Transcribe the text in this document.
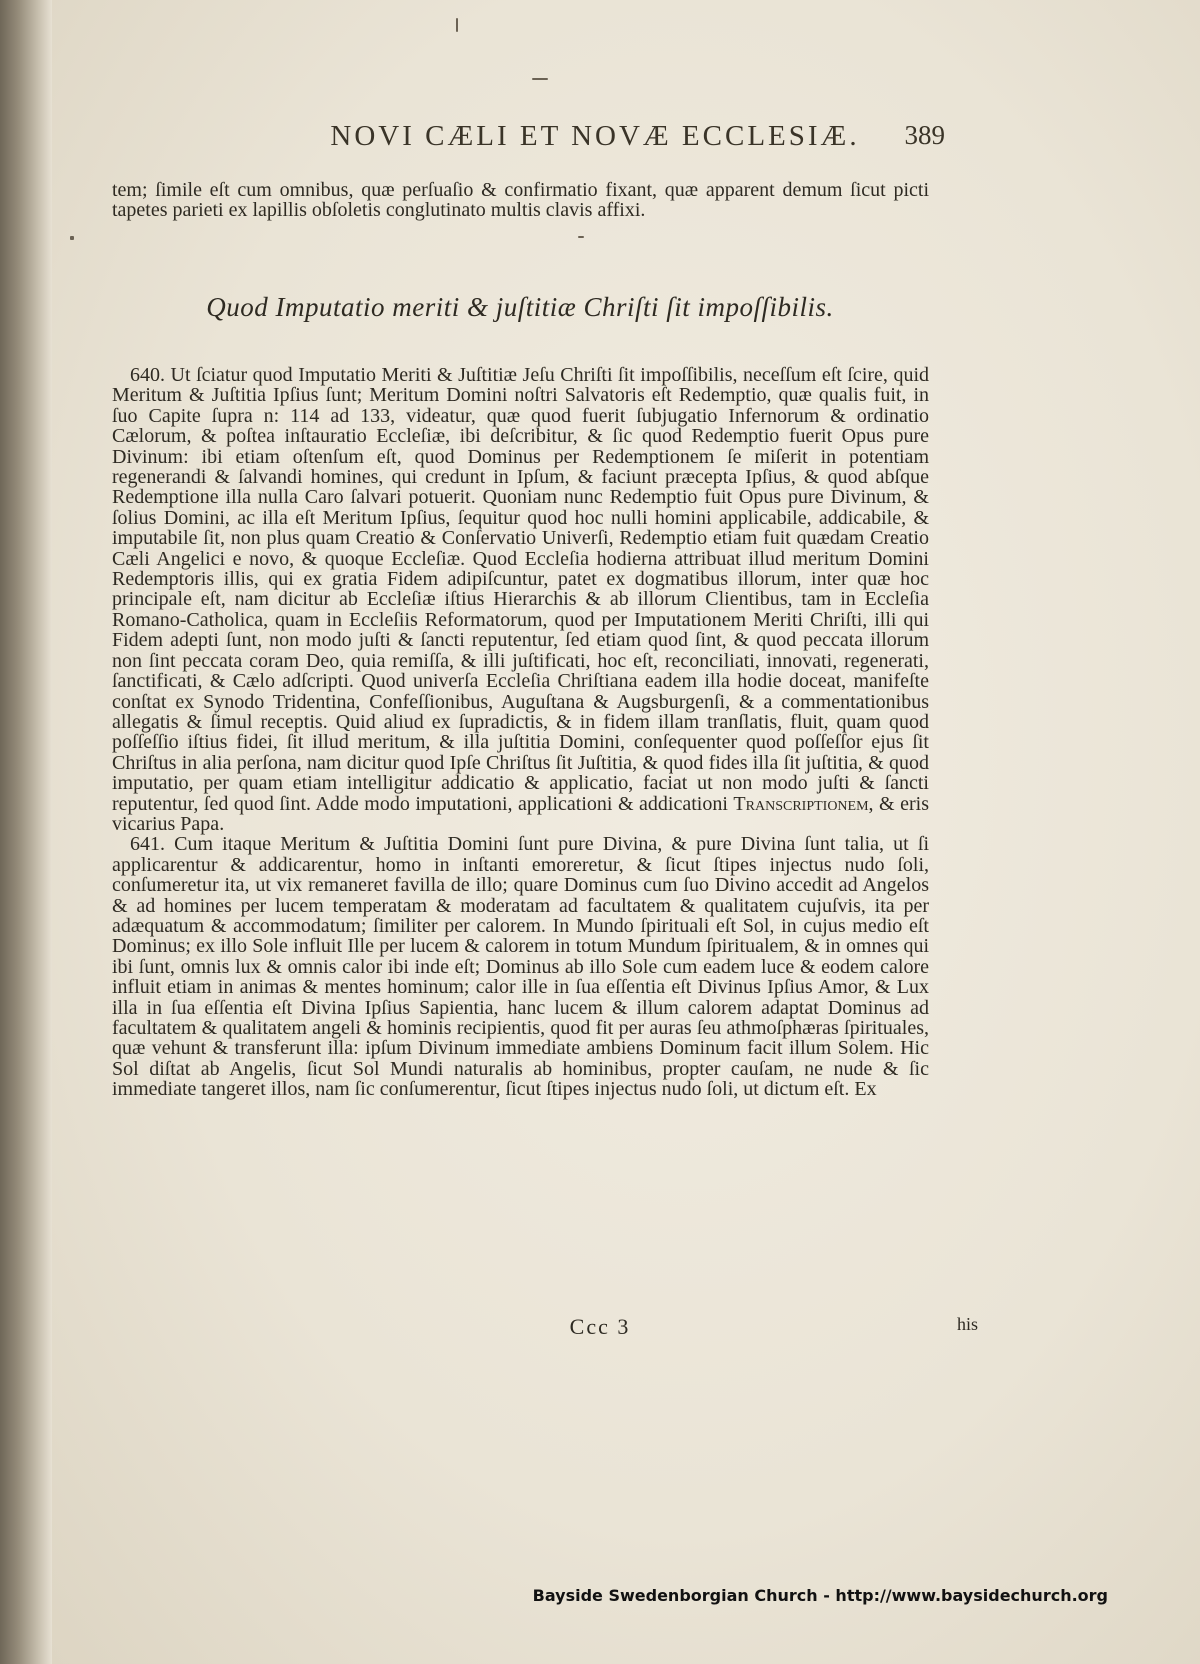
NOVI CÆLI ET NOVÆ ECCLESIÆ.	389

tem; ſimile eſt cum omnibus, quæ perſuaſio & confirmatio fixant, quæ apparent demum ſicut picti tapetes parieti ex lapillis obſoletis conglutinato multis clavis affixi.

Quod Imputatio meriti & juſtitiæ Chriſti ſit impoſſibilis.

640. Ut ſciatur quod Imputatio Meriti & Juſtitiæ Jeſu Chriſti ſit impoſſibilis, neceſſum eſt ſcire, quid Meritum & Juſtitia Ipſius ſunt; Meritum Domini noſtri Salvatoris eſt Redemptio, quæ qualis fuit, in ſuo Capite ſupra n: 114 ad 133, videatur, quæ quod fuerit ſubjugatio Infernorum & ordinatio Cælorum, & poſtea inſtauratio Eccleſiæ, ibi deſcribitur, & ſic quod Redemptio fuerit Opus pure Divinum: ibi etiam oſtenſum eſt, quod Dominus per Redemptionem ſe miſerit in potentiam regenerandi & ſalvandi homines, qui credunt in Ipſum, & faciunt præcepta Ipſius, & quod abſque Redemptione illa nulla Caro ſalvari potuerit. Quoniam nunc Redemptio fuit Opus pure Divinum, & ſolius Domini, ac illa eſt Meritum Ipſius, ſequitur quod hoc nulli homini applicabile, addicabile, & imputabile ſit, non plus quam Creatio & Conſervatio Univerſi, Redemptio etiam fuit quædam Creatio Cæli Angelici e novo, & quoque Eccleſiæ. Quod Eccleſia hodierna attribuat illud meritum Domini Redemptoris illis, qui ex gratia Fidem adipiſcuntur, patet ex dogmatibus illorum, inter quæ hoc principale eſt, nam dicitur ab Eccleſiæ iſtius Hierarchis & ab illorum Clientibus, tam in Eccleſia Romano-Catholica, quam in Eccleſiis Reformatorum, quod per Imputationem Meriti Chriſti, illi qui Fidem adepti ſunt, non modo juſti & ſancti reputentur, ſed etiam quod ſint, & quod peccata illorum non ſint peccata coram Deo, quia remiſſa, & illi juſtificati, hoc eſt, reconciliati, innovati, regenerati, ſanctificati, & Cælo adſcripti. Quod univerſa Eccleſia Chriſtiana eadem illa hodie doceat, manifeſte conſtat ex Synodo Tridentina, Confeſſionibus, Auguſtana & Augsburgenſi, & a commentationibus allegatis & ſimul receptis. Quid aliud ex ſupradictis, & in fidem illam tranſlatis, fluit, quam quod poſſeſſio iſtius fidei, ſit illud meritum, & illa juſtitia Domini, conſequenter quod poſſeſſor ejus ſit Chriſtus in alia perſona, nam dicitur quod Ipſe Chriſtus ſit Juſtitia, & quod fides illa ſit juſtitia, & quod imputatio, per quam etiam intelligitur addicatio & applicatio, faciat ut non modo juſti & ſancti reputentur, ſed quod ſint. Adde modo imputationi, applicationi & addicationi Transcriptionem, & eris vicarius Papa.

641. Cum itaque Meritum & Juſtitia Domini ſunt pure Divina, & pure Divina ſunt talia, ut ſi applicarentur & addicarentur, homo in inſtanti emoreretur, & ſicut ſtipes injectus nudo ſoli, conſumeretur ita, ut vix remaneret favilla de illo; quare Dominus cum ſuo Divino accedit ad Angelos & ad homines per lucem temperatam & moderatam ad facultatem & qualitatem cujuſvis, ita per adæquatum & accommodatum; ſimiliter per calorem. In Mundo ſpirituali eſt Sol, in cujus medio eſt Dominus; ex illo Sole influit Ille per lucem & calorem in totum Mundum ſpiritualem, & in omnes qui ibi ſunt, omnis lux & omnis calor ibi inde eſt; Dominus ab illo Sole cum eadem luce & eodem calore influit etiam in animas & mentes hominum; calor ille in ſua eſſentia eſt Divinus Ipſius Amor, & Lux illa in ſua eſſentia eſt Divina Ipſius Sapientia, hanc lucem & illum calorem adaptat Dominus ad facultatem & qualitatem angeli & hominis recipientis, quod fit per auras ſeu athmoſphæras ſpirituales, quæ vehunt & transferunt illa: ipſum Divinum immediate ambiens Dominum facit illum Solem. Hic Sol diſtat ab Angelis, ſicut Sol Mundi naturalis ab hominibus, propter cauſam, ne nude & ſic immediate tangeret illos, nam ſic conſumerentur, ſicut ſtipes injectus nudo ſoli, ut dictum eſt. Ex

Ccc 3	his
Bayside Swedenborgian Church - http://www.baysidechurch.org
